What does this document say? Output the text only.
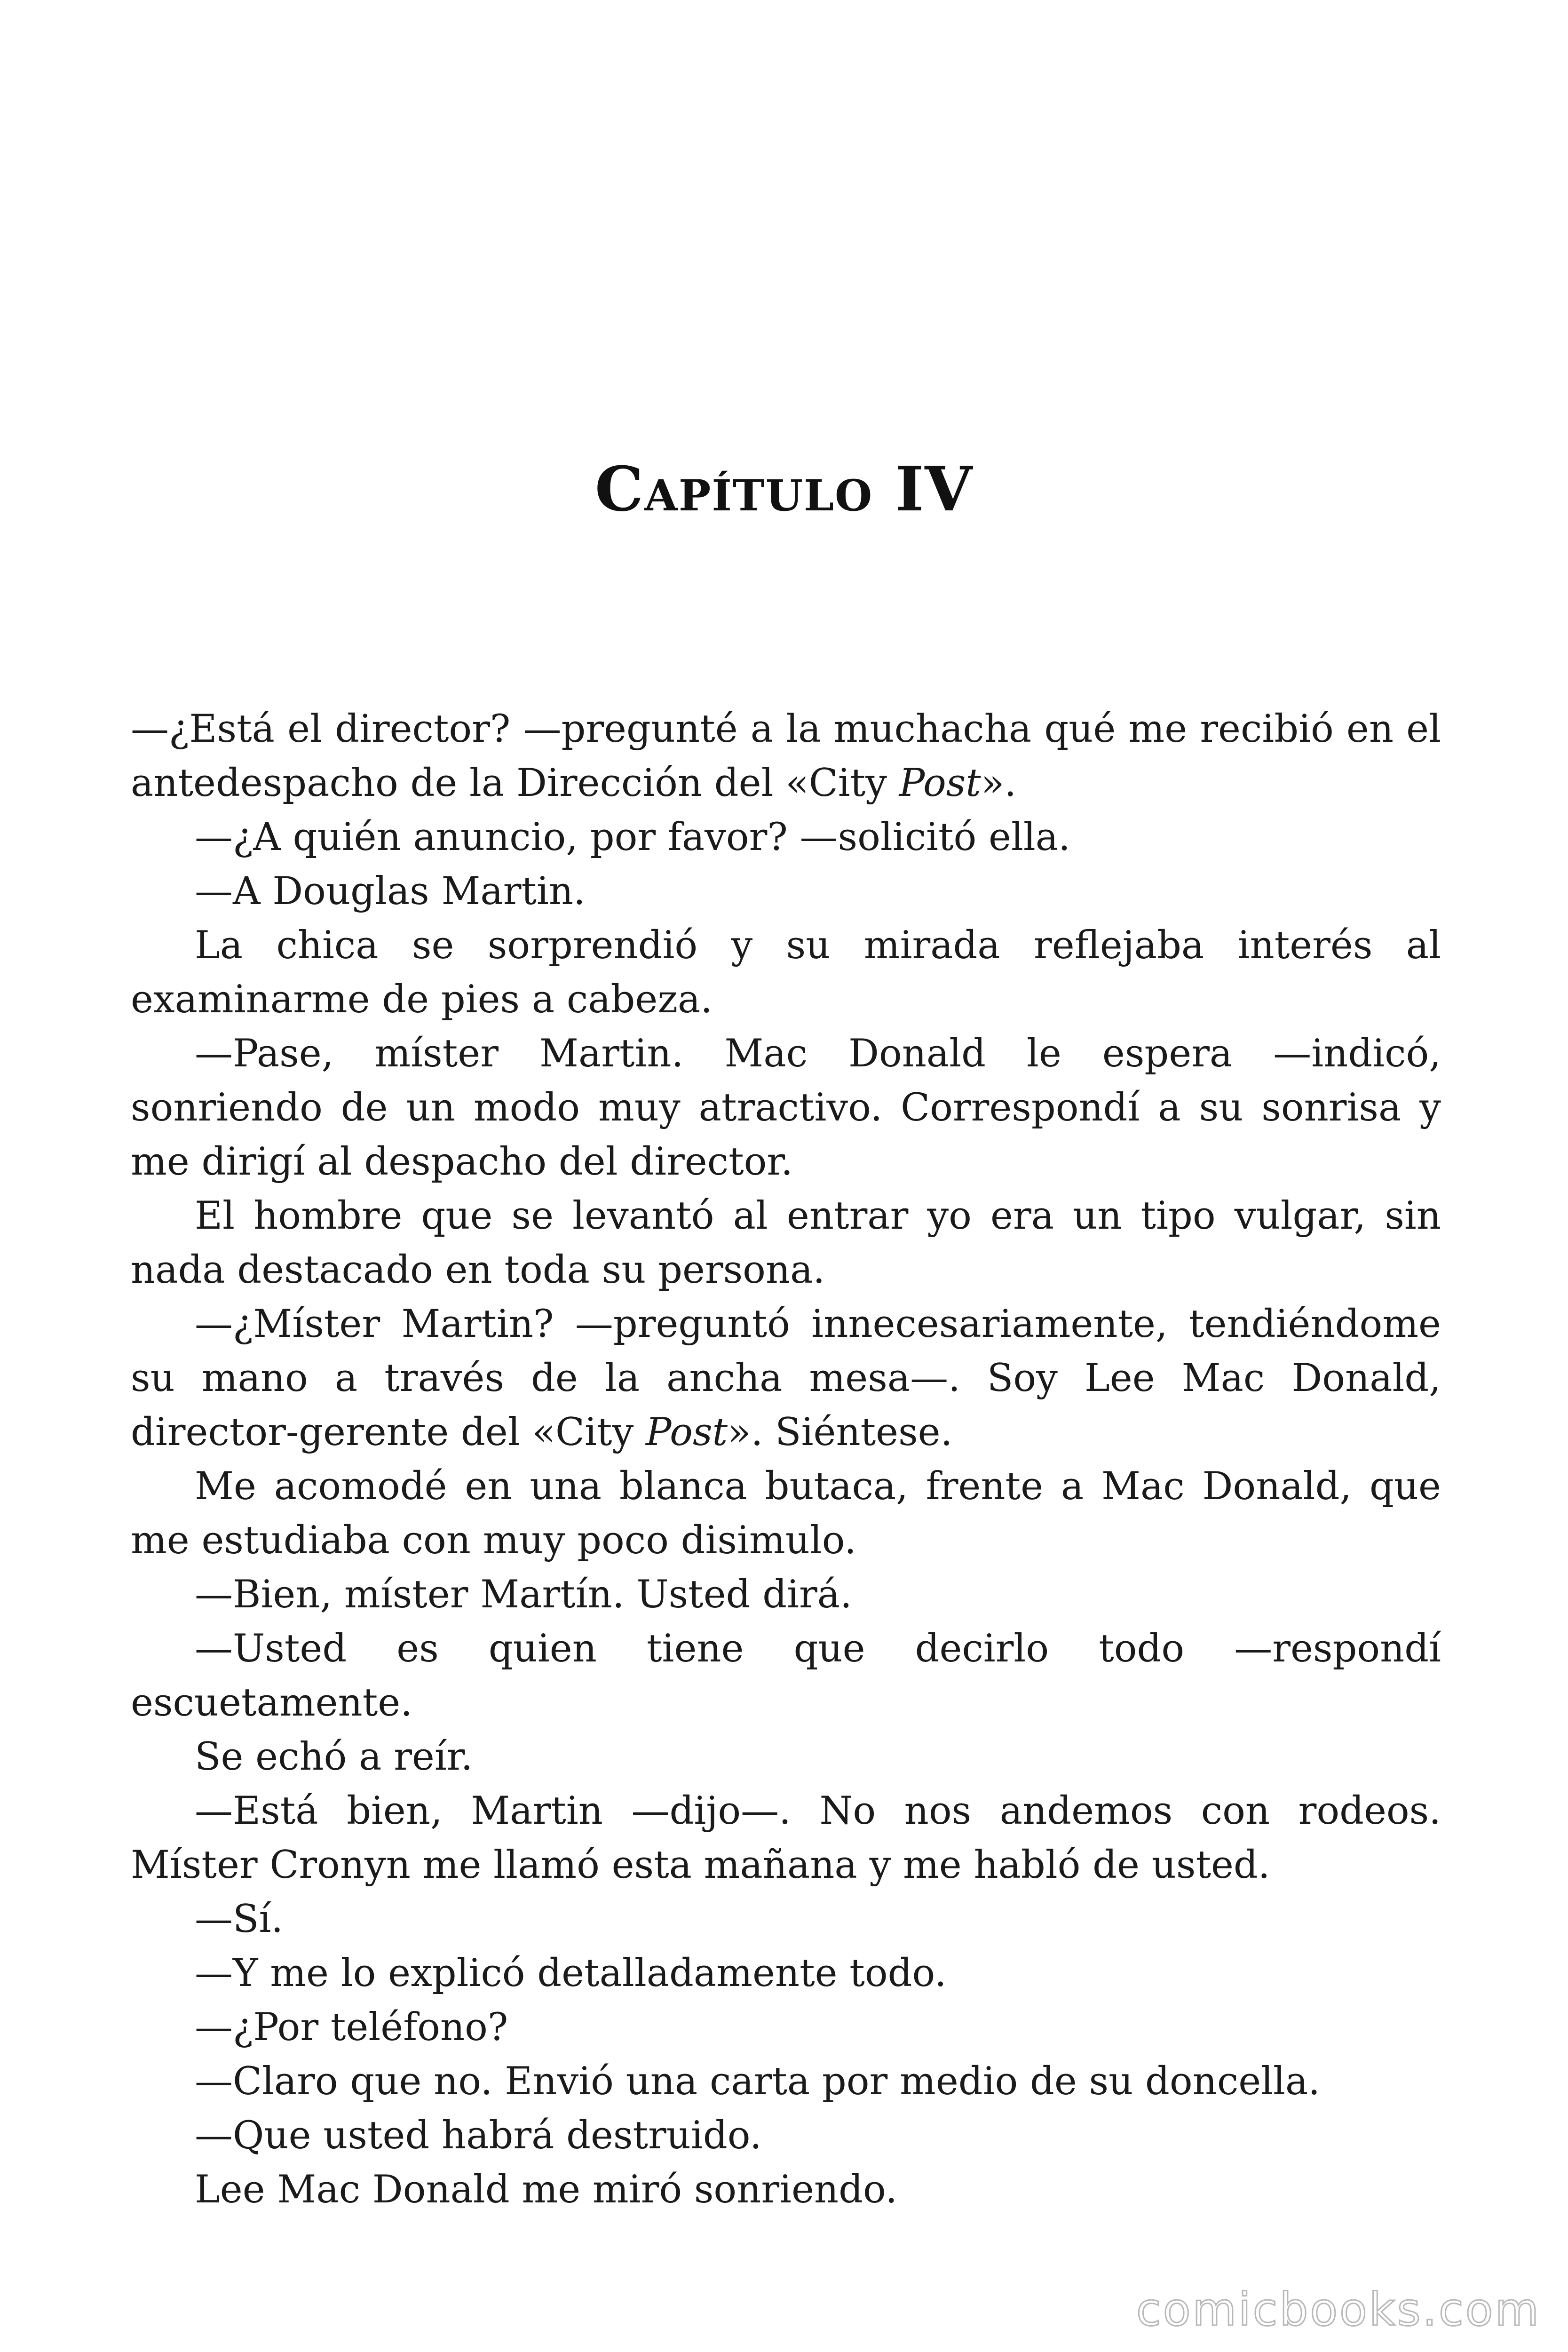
Capítulo IV

—¿Está el director? —pregunté a la muchacha qué me recibió en el antedespacho de la Dirección del «City Post».

—¿A quién anuncio, por favor? —solicitó ella.

—A Douglas Martin.

La chica se sorprendió y su mirada reflejaba interés al examinarme de pies a cabeza.

—Pase, míster Martin. Mac Donald le espera —indicó, sonriendo de un modo muy atractivo. Correspondí a su sonrisa y me dirigí al despacho del director.

El hombre que se levantó al entrar yo era un tipo vulgar, sin nada destacado en toda su persona.

—¿Míster Martin? —preguntó innecesariamente, tendiéndome su mano a través de la ancha mesa—. Soy Lee Mac Donald, director-gerente del «City Post». Siéntese.

Me acomodé en una blanca butaca, frente a Mac Donald, que me estudiaba con muy poco disimulo.

—Bien, míster Martín. Usted dirá.

—Usted es quien tiene que decirlo todo —respondí escuetamente.

Se echó a reír.

—Está bien, Martin —dijo—. No nos andemos con rodeos. Míster Cronyn me llamó esta mañana y me habló de usted.

—Sí.

—Y me lo explicó detalladamente todo.

—¿Por teléfono?

—Claro que no. Envió una carta por medio de su doncella.

—Que usted habrá destruido.

Lee Mac Donald me miró sonriendo.

comicbooks.com
